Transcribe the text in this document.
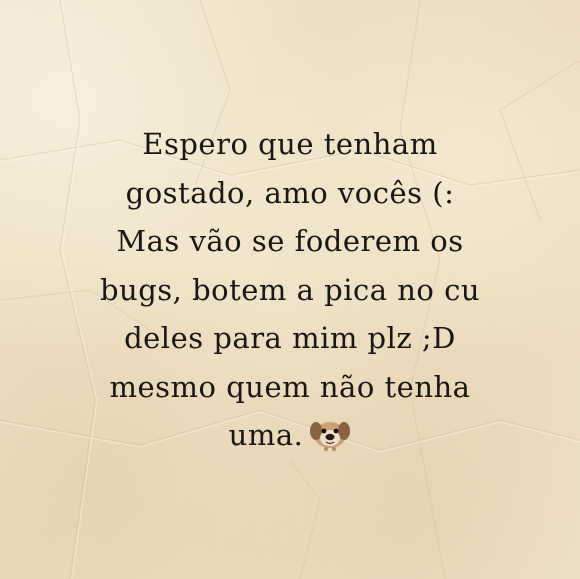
Espero que tenham
gostado, amo vocês (:
Mas vão se foderem os
bugs, botem a pica no cu
deles para mim plz ;D
mesmo quem não tenha
uma.
